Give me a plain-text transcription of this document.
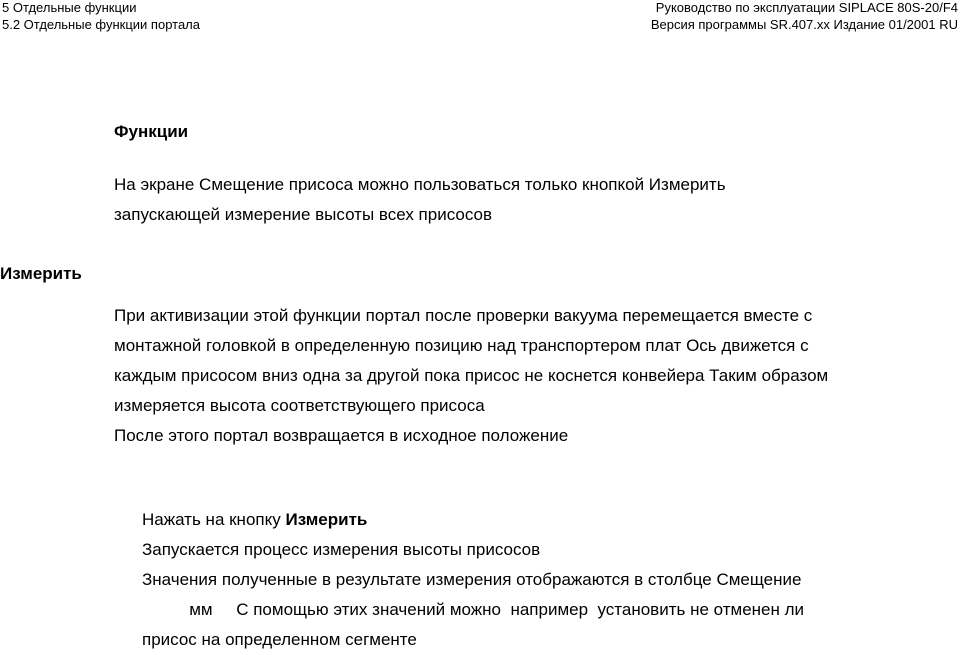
5 Отдельные функции
5.2 Отдельные функции портала
Руководство по эксплуатации SIPLACE 80S-20/F4
Версия программы SR.407.xx Издание 01/2001 RU
Функции
На экране Смещение присоса можно пользоваться только кнопкой Измерить
запускающей измерение высоты всех присосов
Измерить
При активизации этой функции портал после проверки вакуума перемещается вместе с
монтажной головкой в определенную позицию над транспортером плат Ось движется с
каждым присосом вниз одна за другой пока присос не коснется конвейера Таким образом
измеряется высота соответствующего присоса
После этого портал возвращается в исходное положение
Нажать на кнопку Измерить
Запускается процесс измерения высоты присосов
Значения полученные в результате измерения отображаются в столбце Смещение
мм     С помощью этих значений можно  например  установить не отменен ли
присос на определенном сегменте
